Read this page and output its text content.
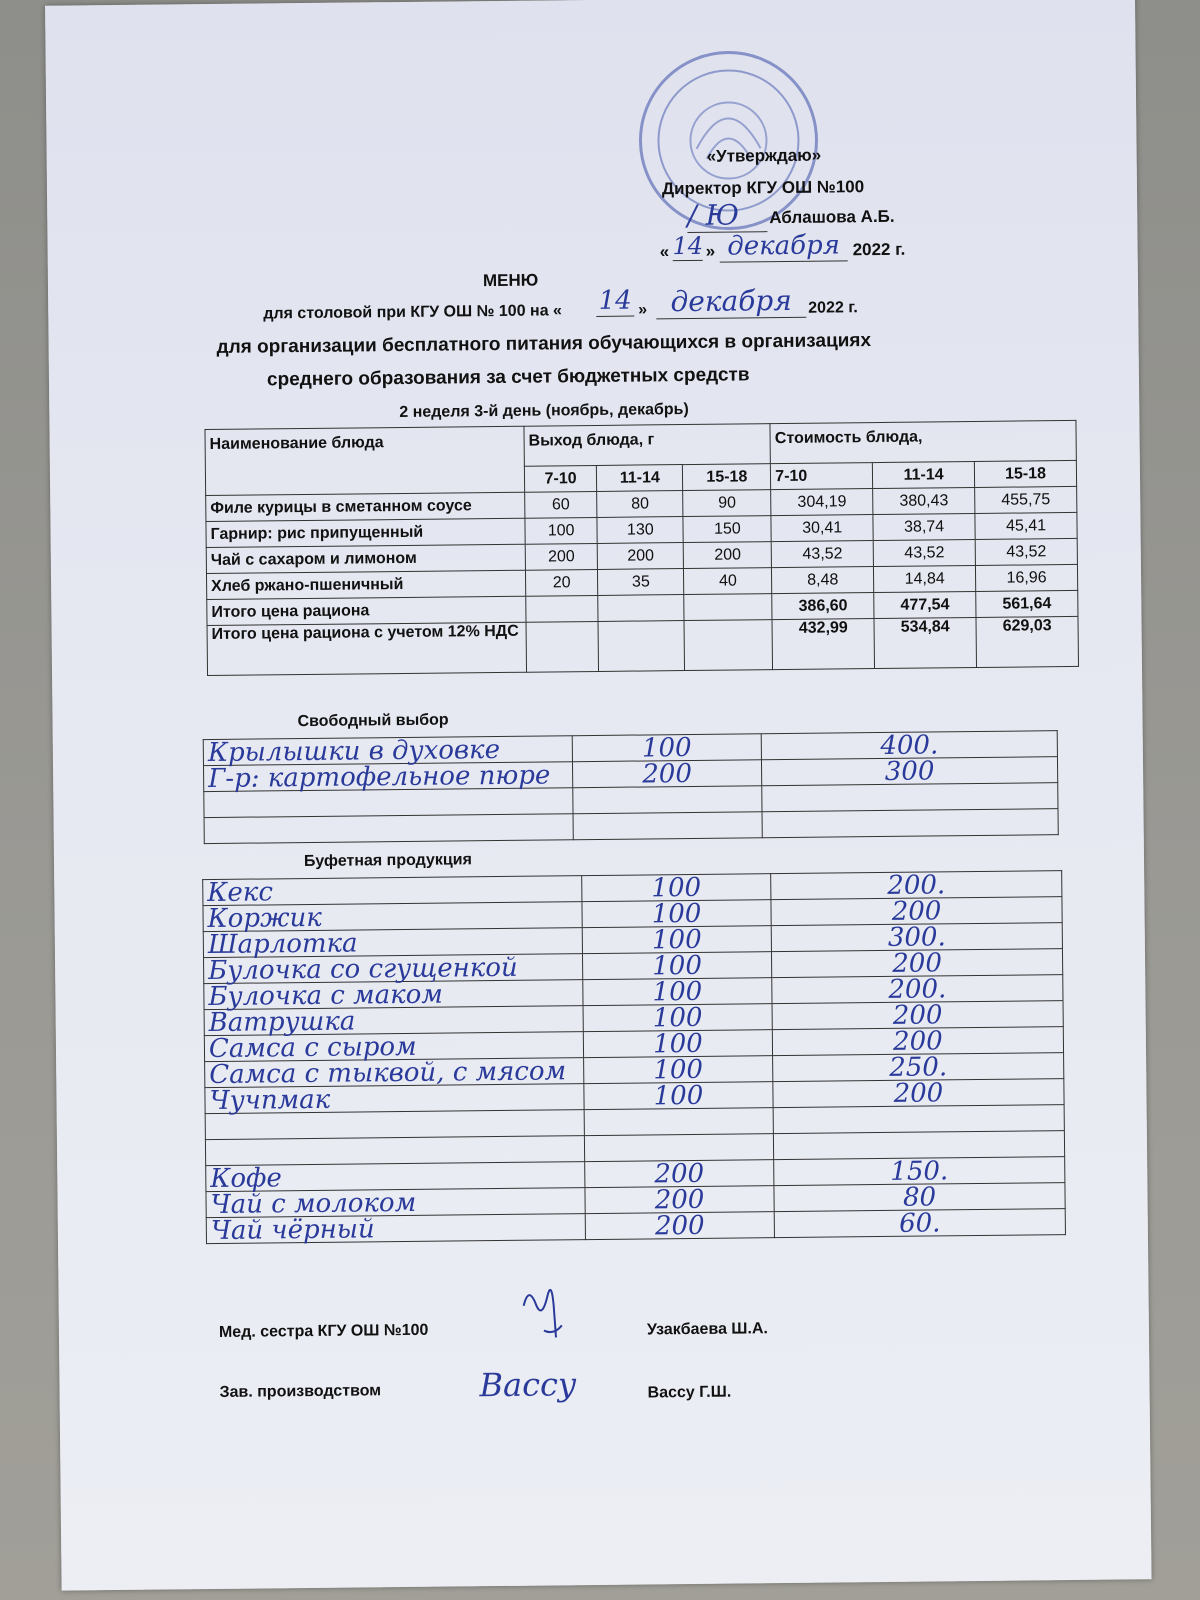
«Утверждаю»
Директор КГУ ОШ №100
/ Ю	Аблашова А.Б.
« 14 » декабря 2022 г.
МЕНЮ
для столовой при КГУ ОШ № 100 на « 14 » декабря	2022 г.
для организации бесплатного питания обучающихся в организациях
среднего образования за счет бюджетных средств
2 неделя 3-й день (ноябрь, декабрь)
Наименование блюда	Выход блюда, г			Стоимость блюда,		
	7-10	11-14	15-18	7-10	11-14	15-18
Филе курицы в сметанном соусе	60	80	90	304,19	380,43	455,75
Гарнир: рис припущенный	100	130	150	30,41	38,74	45,41
Чай с сахаром и лимоном	200	200	200	43,52	43,52	43,52
Хлеб ржано-пшеничный	20	35	40	8,48	14,84	16,96
Итого цена рациона				386,60	477,54	561,64
Итого цена рациона с учетом 12% НДС				432,99	534,84	629,03
Свободный выбор
Крылышки в духовке	100	400.
Г-р: картофельное пюре	200	300

Буфетная продукция
Кекс	100	200.
Коржик	100	200
Шарлотка	100	300.
Булочка со сгущенкой	100	200
Булочка с маком	100	200.
Ватрушка	100	200
Самса с сыром	100	200
Самса с тыквой, с мясом	100	250.
Чучпмак	100	200

Кофе	200	150.
Чай с молоком	200	80
Чай чёрный	200	60.
Мед. сестра КГУ ОШ №100	Узакбаева Ш.А.
Зав. производством	Вассу	Вассу Г.Ш.
